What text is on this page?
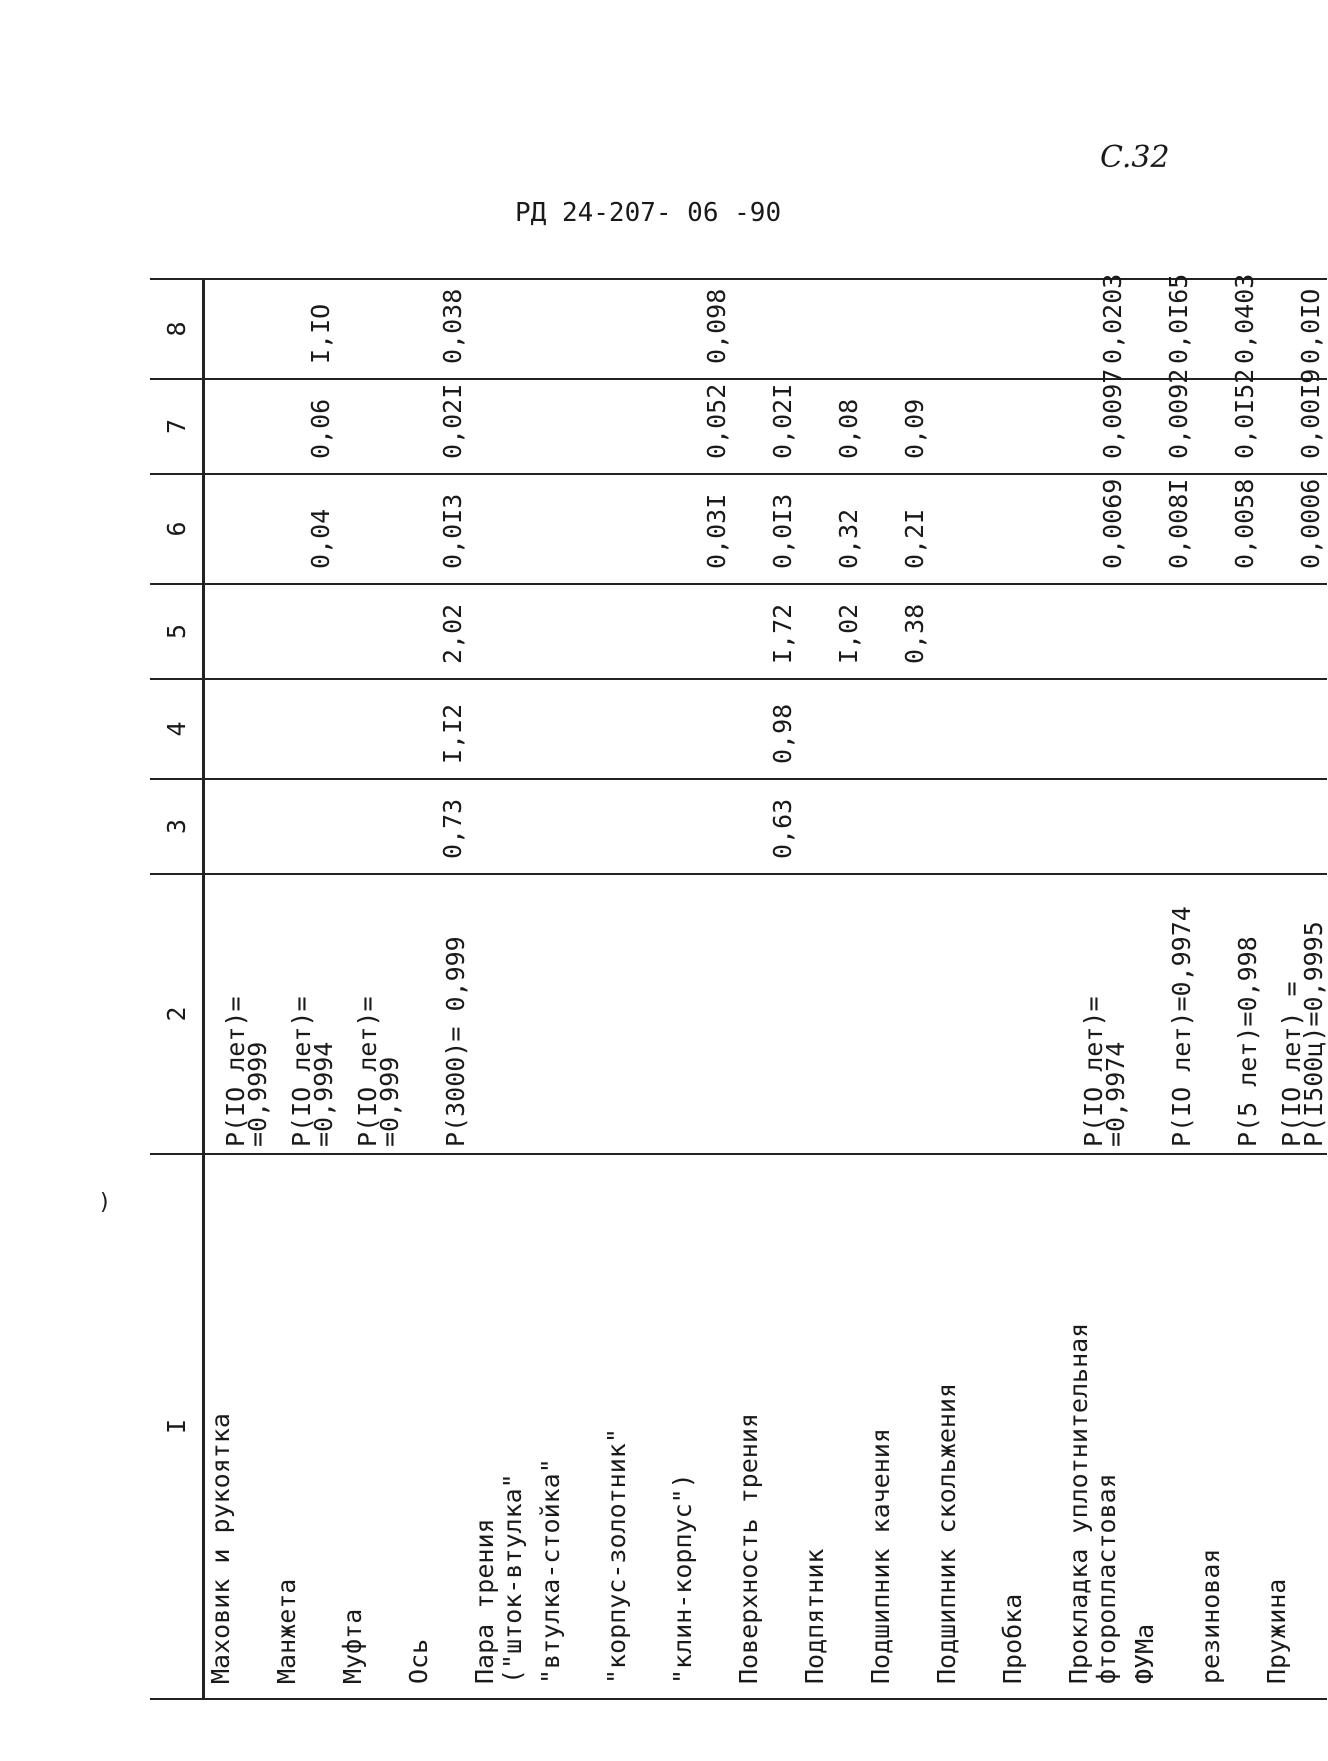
C.32
РД 24-207- 06 -90
I	2	3	4	5	6	7	8
Маховик и рукоятка	P(IO лет)=
=0,9999						
Манжета	P(IO лет)=
=0,9994				0,04	0,06	I,IO
Муфта	P(IO лет)=
=0,999						
Ось	P(3000)= 0,999	0,73	I,I2	2,02	0,0I3	0,02I	0,038
Пара трения
("шток-втулка"							
"втулка-стойка"							
"корпус-золотник"							
"клин-корпус")					0,03I	0,052	0,098
Поверхность трения		0,63	0,98	I,72	0,0I3	0,02I	
Подпятник				I,02	0,32	0,08	
Подшипник качения				0,38	0,2I	0,09	
Подшипник скольжения							
Пробка							
Прокладка уплотнительная
фторопластовая	P(IO лет)=
=0,9974				0,0069	0,0097	0,0203
ФУМа	P(IO лет)=0,9974				0,008I	0,0092	0,0I65
резиновая	P(5 лет)=0,998				0,0058	0,0I52	0,0403
Пружина	P(IO лет) =
P(I500ц)=0,9995				0,0006	0,00I9	0,0IO
)
